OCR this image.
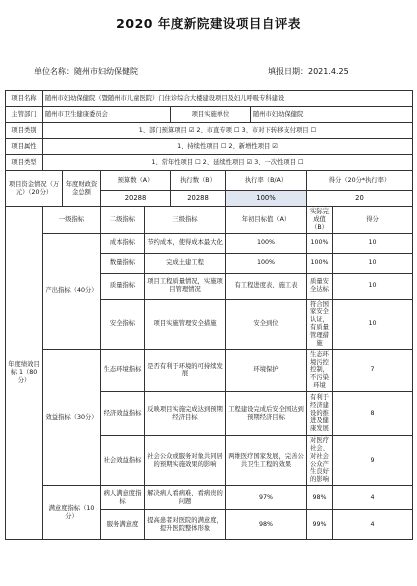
2020 年度新院建设项目自评表
单位名称：随州市妇幼保健院	填报日期：2021.4.25
项目名称	随州市妇幼保健院（暨随州市儿童医院）门住诊综合大楼建设项目及妇儿呼吸专科建设								
主管部门	随州市卫生健康委员会				项目实施单位		随州市妇幼保健院		
项目类别	1、部门预算项目 ☑ 2、市直专项 ☐ 3、市对下转移支付项目 ☐								
项目属性	1、持续性项目 ☐ 2、新增性项目 ☑								
项目类型	1、常年性项目 ☐ 2、延续性项目 ☑ 3、一次性项目 ☐								
项目资金情况（万元）（20分）		年度财政资金总额	预算数（A）		执行数（B）	执行率（B/A）		得分（20分*执行率）	
			20288		20288	100%		20	
年度绩效目标 1（80分）	一级指标		二级指标	三级指标		年初目标值（A）		实际完成值（B）	得分
	产出指标（40分）		成本指标	节约成本，使得成本最大化		100%		100%	10
			数量指标	完成土建工程		100%		100%	10
			质量指标	项目工程质量情况，实施项目管理情况		有工程进度表、施工表		质量安全达标	10
			安全指标	项目实施管理安全措施		安全到位		符合国家安全认证，有质量管理措施	10
	效益指标（30分）		生态环境指标	是否有利于环境的可持续发展		环境保护		生态环境污控控制，不污染环境	7
			经济效益指标	反映项目实施完成达到预期经济目标		工程建设完成后安全国达到预期经济目标		有利于经济建设的推进及健康发展	8
			社会效益指标	社会公众或服务对象共同居的预期实施效果的影响		两维医疗国家发展，完善公共卫生工程的效果		对医疗社会、对社会公众产生良好的影响	9
	满意度指标（10分）		病人满意度指标	解决病人看病难、看病贵的问题		97%		98%	4
			服务满意度	提高患者对医院的满意度，提升医院整体形象		98%		99%	4
